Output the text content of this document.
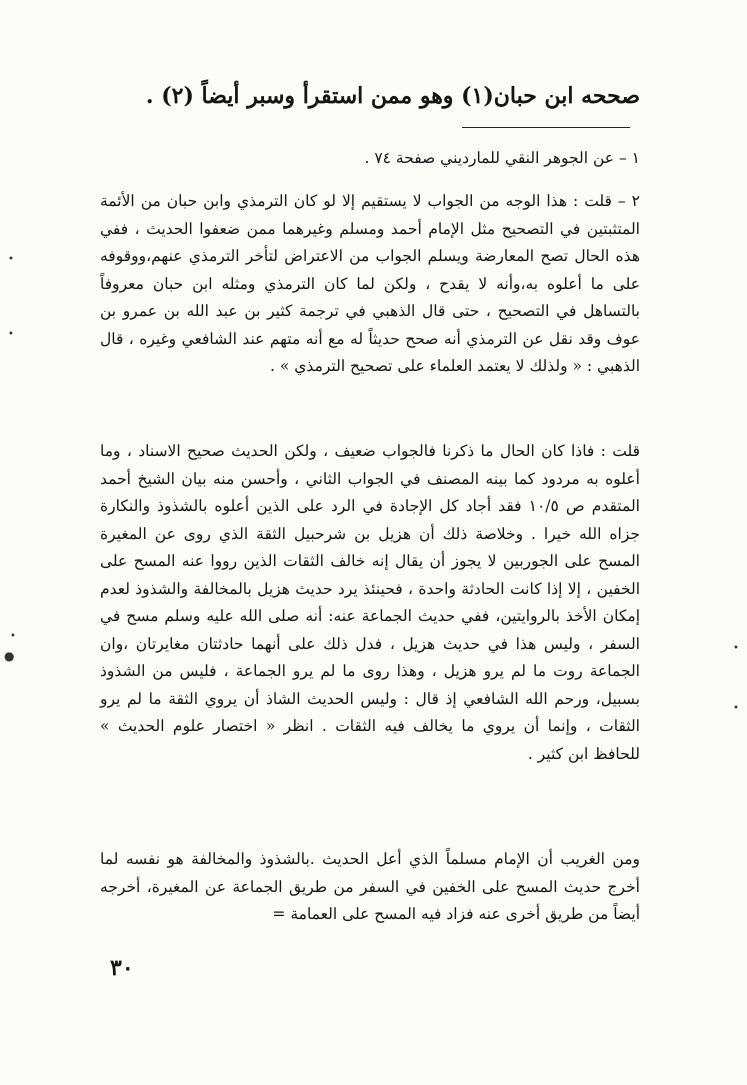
صححه ابن حبان(١) وهو ممن استقرأ وسبر أيضاً (٢) .

١ – عن الجوهر النقي للمارديني صفحة ٧٤ .

٢ – قلت : هذا الوجه من الجواب لا يستقيم إلا لو كان الترمذي وابن حبان من الأئمة المتثبتين في التصحيح مثل الإمام أحمد ومسلم وغيرهما ممن ضعفوا الحديث ، ففي هذه الحال تصح المعارضة ويسلم الجواب من الاعتراض لتأخر الترمذي عنهم،ووقوفه على ما أعلوه به،وأنه لا يقدح ، ولكن لما كان الترمذي ومثله ابن حبان معروفاً بالتساهل في التصحيح ، حتى قال الذهبي في ترجمة كثير بن عبد الله بن عمرو بن عوف وقد نقل عن الترمذي أنه صحح حديثاً له مع أنه متهم عند الشافعي وغيره ، قال الذهبي : « ولذلك لا يعتمد العلماء على تصحيح الترمذي » .

قلت : فاذا كان الحال ما ذكرنا فالجواب ضعيف ، ولكن الحديث صحيح الاسناد ، وما أعلوه به مردود كما بينه المصنف في الجواب الثاني ، وأحسن منه بيان الشيخ أحمد المتقدم ص ١٠/٥ فقد أجاد كل الإجادة في الرد على الذين أعلوه بالشذوذ والنكارة جزاه الله خيرا . وخلاصة ذلك أن هزيل بن شرحبيل الثقة الذي روى عن المغيرة المسح على الجوربين لا يجوز أن يقال إنه خالف الثقات الذين رووا عنه المسح على الخفين ، إلا إذا كانت الحادثة واحدة ، فحينئذ يرد حديث هزيل بالمخالفة والشذوذ لعدم إمكان الأخذ بالروايتين، ففي حديث الجماعة عنه: أنه صلى الله عليه وسلم مسح في السفر ، وليس هذا في حديث هزيل ، فدل ذلك على أنهما حادثتان مغايرتان ،وان الجماعة روت ما لم يرو هزيل ، وهذا روى ما لم يرو الجماعة ، فليس من الشذوذ بسبيل، ورحم الله الشافعي إذ قال : وليس الحديث الشاذ أن يروي الثقة ما لم يرو الثقات ، وإنما أن يروي ما يخالف فيه الثقات . انظر « اختصار علوم الحديث » للحافظ ابن كثير .

ومن الغريب أن الإمام مسلماً الذي أعل الحديث .بالشذوذ والمخالفة هو نفسه لما أخرج حديث المسح على الخفين في السفر من طريق الجماعة عن المغيرة، أخرجه أيضاً من طريق أخرى عنه فزاد فيه المسح على العمامة =

٣٠
•
•
•
●
•
•
